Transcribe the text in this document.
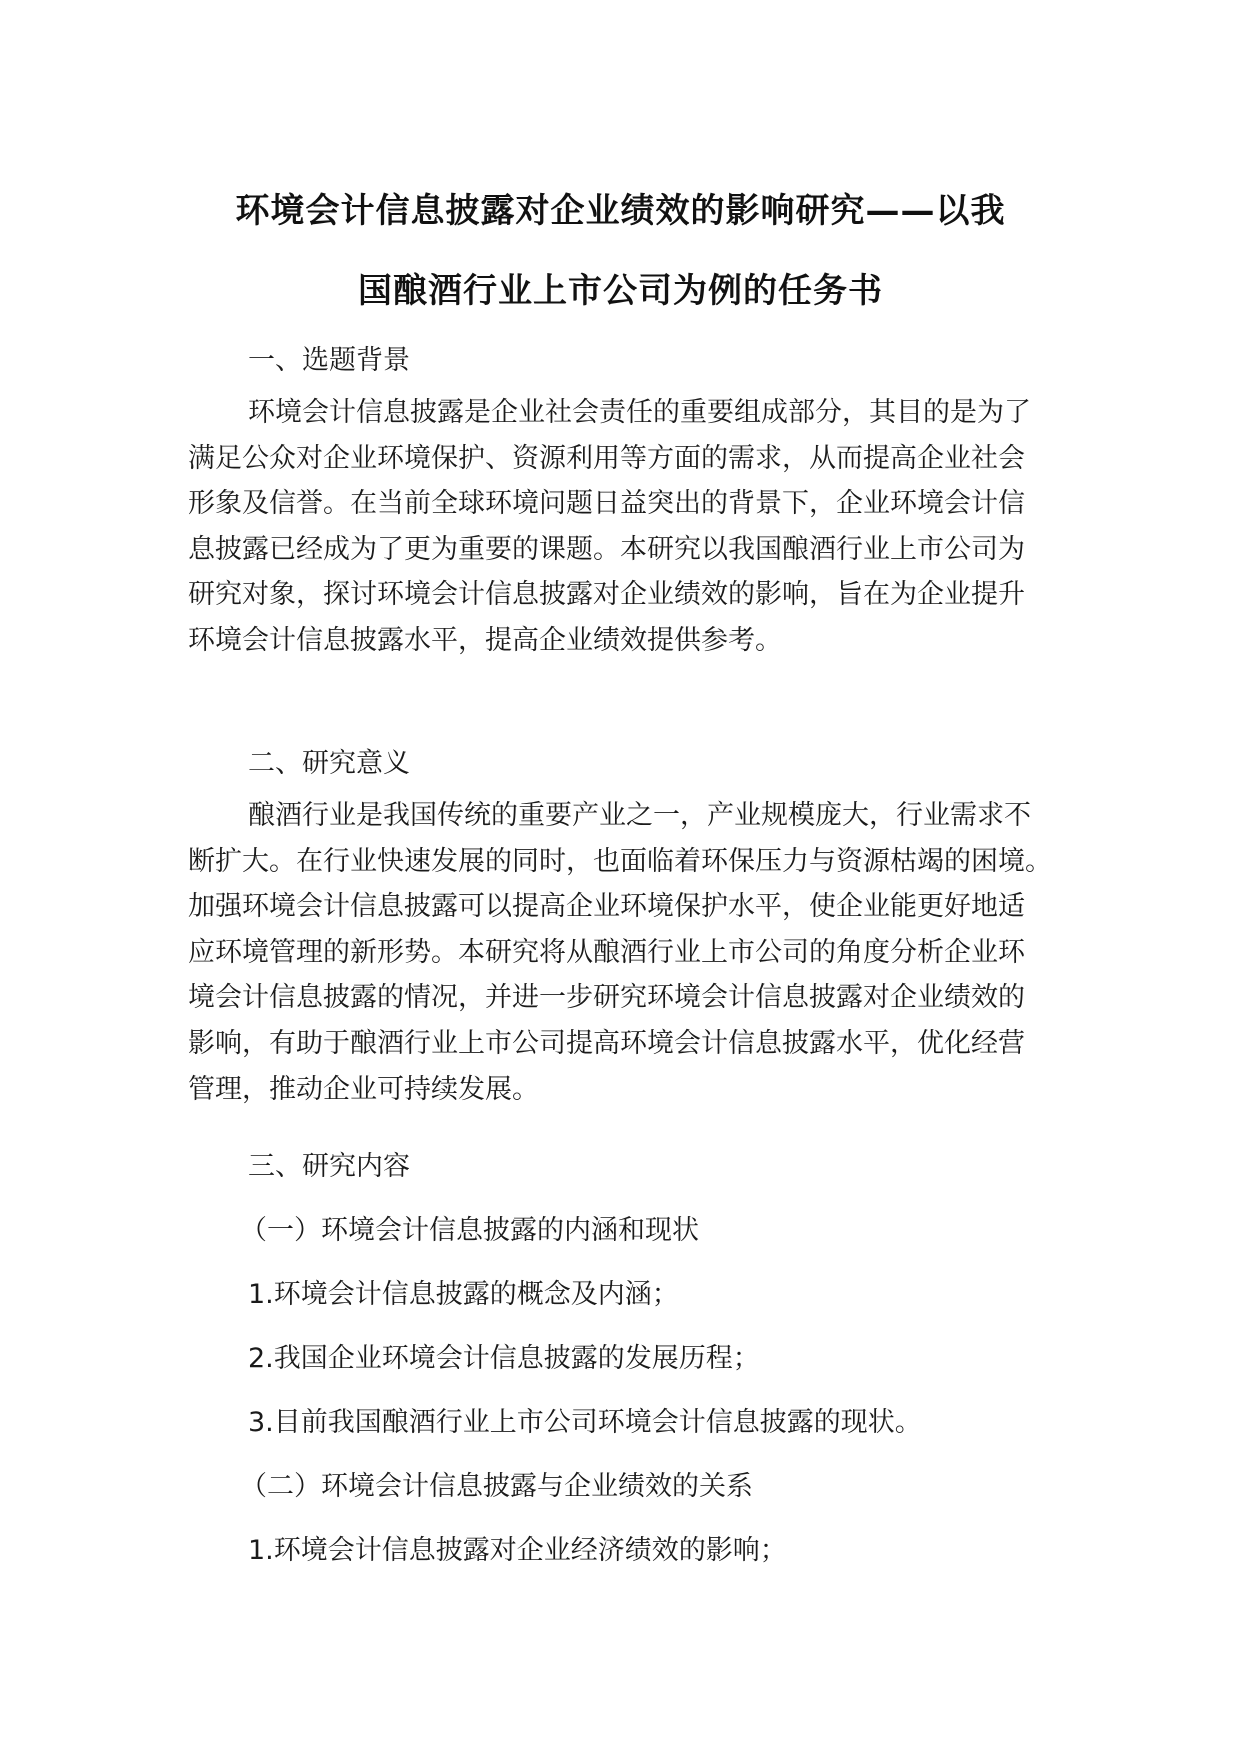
环境会计信息披露对企业绩效的影响研究——以我
国酿酒行业上市公司为例的任务书
一、选题背景
环境会计信息披露是企业社会责任的重要组成部分，其目的是为了
满足公众对企业环境保护、资源利用等方面的需求，从而提高企业社会
形象及信誉。在当前全球环境问题日益突出的背景下，企业环境会计信
息披露已经成为了更为重要的课题。本研究以我国酿酒行业上市公司为
研究对象，探讨环境会计信息披露对企业绩效的影响，旨在为企业提升
环境会计信息披露水平，提高企业绩效提供参考。
二、研究意义
酿酒行业是我国传统的重要产业之一，产业规模庞大，行业需求不
断扩大。在行业快速发展的同时，也面临着环保压力与资源枯竭的困境。
加强环境会计信息披露可以提高企业环境保护水平，使企业能更好地适
应环境管理的新形势。本研究将从酿酒行业上市公司的角度分析企业环
境会计信息披露的情况，并进一步研究环境会计信息披露对企业绩效的
影响，有助于酿酒行业上市公司提高环境会计信息披露水平，优化经营
管理，推动企业可持续发展。
三、研究内容
（一）环境会计信息披露的内涵和现状
1.环境会计信息披露的概念及内涵；
2.我国企业环境会计信息披露的发展历程；
3.目前我国酿酒行业上市公司环境会计信息披露的现状。
（二）环境会计信息披露与企业绩效的关系
1.环境会计信息披露对企业经济绩效的影响；
